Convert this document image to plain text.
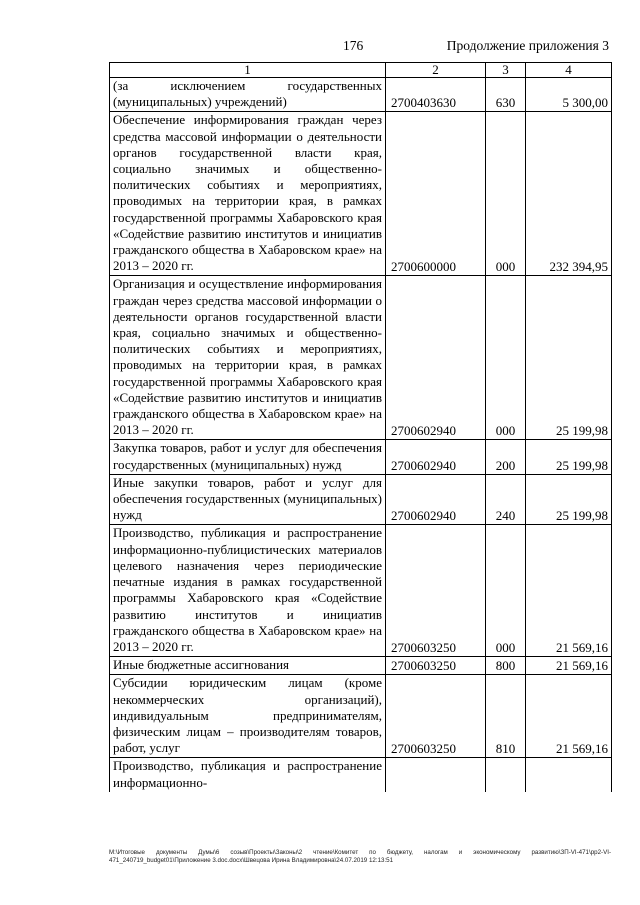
176	Продолжение приложения 3
1	2	3	4
(за исключением государственных (муниципальных) учреждений)	2700403630	630	5 300,00
Обеспечение информирования граждан через средства массовой информации о деятельности органов государственной власти края, социально значимых и общественно-политических событиях и мероприятиях, проводимых на территории края, в рамках государственной программы Хабаровского края «Содействие развитию институтов и инициатив гражданского общества в Хабаровском крае» на 2013 – 2020 гг.	2700600000	000	232 394,95
Организация и осуществление информирования граждан через средства массовой информации о деятельности органов государственной власти края, социально значимых и общественно-политических событиях и мероприятиях, проводимых на территории края, в рамках государственной программы Хабаровского края «Содействие развитию институтов и инициатив гражданского общества в Хабаровском крае» на 2013 – 2020 гг.	2700602940	000	25 199,98
Закупка товаров, работ и услуг для обеспечения государственных (муниципальных) нужд	2700602940	200	25 199,98
Иные закупки товаров, работ и услуг для обеспечения государственных (муниципальных) нужд	2700602940	240	25 199,98
Производство, публикация и распространение информационно-публицистических материалов целевого назначения через периодические печатные издания в рамках государственной программы Хабаровского края «Содействие развитию институтов и инициатив гражданского общества в Хабаровском крае» на 2013 – 2020 гг.	2700603250	000	21 569,16
Иные бюджетные ассигнования	2700603250	800	21 569,16
Субсидии юридическим лицам (кроме некоммерческих организаций), индивидуальным предпринимателям, физическим лицам – производителям товаров, работ, услуг	2700603250	810	21 569,16
Производство, публикация и распространение информационно-			
M:\Итоговые документы Думы\6 созыв\Проекты\Законы\2 чтение\Комитет по бюджету, налогам и экономическому развитию\ЗП-VI-471\pp2-VI-471_240719_budget01\Приложение 3.doc.docx\Швецова Ирина Владимировна\24.07.2019 12:13:51
